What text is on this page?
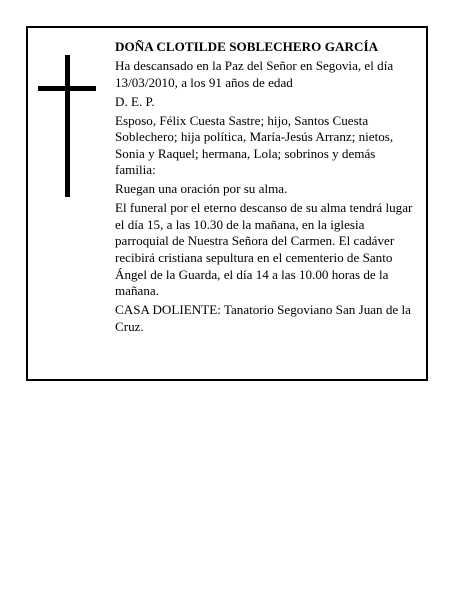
DOÑA CLOTILDE SOBLECHERO GARCÍA

Ha descansado en la Paz del Señor en Segovia, el día 13/03/2010, a los 91 años de edad

D. E. P.

Esposo, Félix Cuesta Sastre; hijo, Santos Cuesta Soblechero; hija política, María-Jesús Arranz; nietos, Sonia y Raquel; hermana, Lola; sobrinos y demás familia:

Ruegan una oración por su alma.

El funeral por el eterno descanso de su alma tendrá lugar el día 15, a las 10.30 de la mañana, en la iglesia parroquial de Nuestra Señora del Carmen. El cadáver recibirá cristiana sepultura en el cementerio de Santo Ángel de la Guarda, el día 14 a las 10.00 horas de la mañana.

CASA DOLIENTE: Tanatorio Segoviano San Juan de la Cruz.
